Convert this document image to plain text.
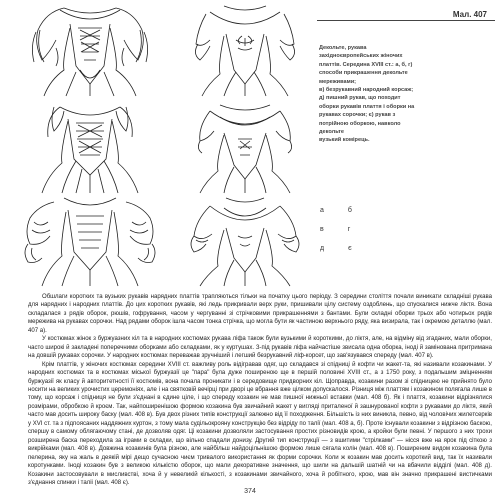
Мал. 407
Декольте, рукава
західноєвропейських жіночих
платтів. Середина XVIII ст.: а, б, г)
способи прикрашення декольте
мереживами;
в) безрукавний народний корсаж;
д) пишний рукав, що походит
оборки рукавів плаття і оборки на
рукавах сорочки; є) рукав з
потрійною оборкою, навколо
декольте
вузький комірець.
а	б
в	г
д	є

Обшлаги коротких та вузьких рукавів нарядних платтів трапляються тільки на початку цього періоду. З середини століття почали виникати складніші рукава для нарядних і народних платтів. До цих коротких рукавів, які ледь прикривали верх руки, пришивали цілу систему оздоблень, що спускалися нижче ліктя. Вона складалася з рядів оборок, рюшів, гофрування, часом у чергуванні зі стрічковими прикрашеннями з бантами. Були складні оборки трьох або чотирьох рядів мережива на рукавах сорочки. Над рядами оборок ішла часом тонка стрічка, що могла бути як частиною верхнього ряду, яка визирала, так і окремою деталлю (мал. 407 а).

У костюмах жінок з буржуазних кіл та в народних костюмах рукава ліфа також були вузькими й короткими, до ліктя, але, на відміну від згаданих, мали оборки, часто широкі й закладені поперечними оборками або складками, як у куртушах. З-під рукавів ліфа найчастіше звисала одна оборка, іноді й замінована притримана на довшій рукавах сорочки. У народних костюмах переважав зручніший і легший безрукавний ліф-корсет, що зав'язувався спереду (мал. 407 в).

Крім платтів, у жіночих костюмах середини XVIII ст. важливу роль відігравав одяг, що складався зі спідниці й кофти чи жакет-та, які називали козакинами. У народних костюмах та в костюмах міської буржуазії це "пара" була дуже поширеною ще в першій половині XVIII ст., а з 1750 року, з подальшим зміцненням буржуазії як класу й авторитетності її костюмів, вона почала проникати і в середовище придворних кіл. Щоправда, козакини разом зі спідницею не прийнято було носити на великих урочистих церемоніях, але і на святковій вечірці при дворі це вбрання вже цілком допускалося. Різниця між платтям і козакином полягала лише в тому, що корсаж і спідниця не були з'єднані в єдине ціле, і що спереду козакин не мав пишної нижньої вставки (мал. 408 б). Як і плаття, козакини відрізнялися розмірами, обробкою й кроєм. Так, найпоширенішою формою козакина був звичайний жакет у вигляді приталеної й зашнурованої кофти з рукавами до ліктя, який часто мав досить широку баску (мал. 408 в). Був двох різних типів конструкції залежно від її походження. Більшість із них виникла, певно, від чоловічих жилетсерків у ХVI ст. та з підпоясаних наддяжних куртон, з тому мала судільокрояну конструкцію без відріду по талії (мал. 408 а, б). Проте існували козакини з відрізною баскою, спершу в самому облягаючому стані, де дозволяв одяг. Ці козакини дозволяли застосування простих різновидів крою, а кройки були певні. У першого з них трохи розширена баска переходила за іграми в складки, що вільно спадали донизу. Другий тип конструкції — з вшитими "стрілками" — нісся вже на ярок під сіткою з викрійками (мал. 408 в). Довжина козакинів була різною, але найбільш найдоцільнішою формою лише сягала колін (мал. 408 в). Поширеним видом козакина була пелерина, яку на жаль в деякій мірі дещо сучасною чиєм тривалого використання як форми сорочки. Коли ж козакин мав досить короткий вид, так їх називали коротунками. Іноді козакин був з великою кількістю оборок, що мали декоративне значення, що шили на дальшій шатній чи на вбачили відділі (мал. 408 д). Козакини застосовували в мисливстві, хоча й у невеликій кількості, з козакинами звичайного, хоча й робітного, крою, мав він значно прикрашені вистичками з'єднання спинки і таліі (мал. 408 є).

374
